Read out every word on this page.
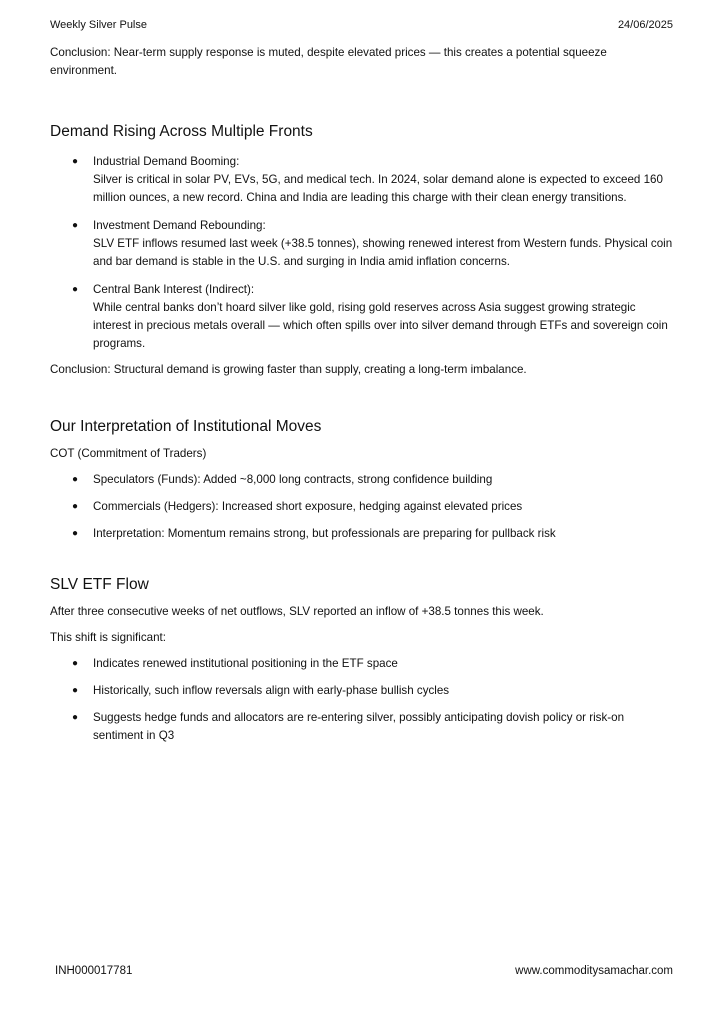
Weekly Silver Pulse	24/06/2025

Conclusion: Near-term supply response is muted, despite elevated prices — this creates a potential squeeze environment.

Demand Rising Across Multiple Fronts
● Industrial Demand Booming:
Silver is critical in solar PV, EVs, 5G, and medical tech. In 2024, solar demand alone is expected to exceed 160 million ounces, a new record. China and India are leading this charge with their clean energy transitions.
● Investment Demand Rebounding:
SLV ETF inflows resumed last week (+38.5 tonnes), showing renewed interest from Western funds. Physical coin and bar demand is stable in the U.S. and surging in India amid inflation concerns.
● Central Bank Interest (Indirect):
While central banks don’t hoard silver like gold, rising gold reserves across Asia suggest growing strategic interest in precious metals overall — which often spills over into silver demand through ETFs and sovereign coin programs.

Conclusion: Structural demand is growing faster than supply, creating a long-term imbalance.

Our Interpretation of Institutional Moves

COT (Commitment of Traders)

● Speculators (Funds): Added ~8,000 long contracts, strong confidence building
● Commercials (Hedgers): Increased short exposure, hedging against elevated prices
● Interpretation: Momentum remains strong, but professionals are preparing for pullback risk
SLV ETF Flow

After three consecutive weeks of net outflows, SLV reported an inflow of +38.5 tonnes this week.

This shift is significant:

● Indicates renewed institutional positioning in the ETF space
● Historically, such inflow reversals align with early-phase bullish cycles
● Suggests hedge funds and allocators are re-entering silver, possibly anticipating dovish policy or risk-on sentiment in Q3
INH000017781	www.commoditysamachar.com
